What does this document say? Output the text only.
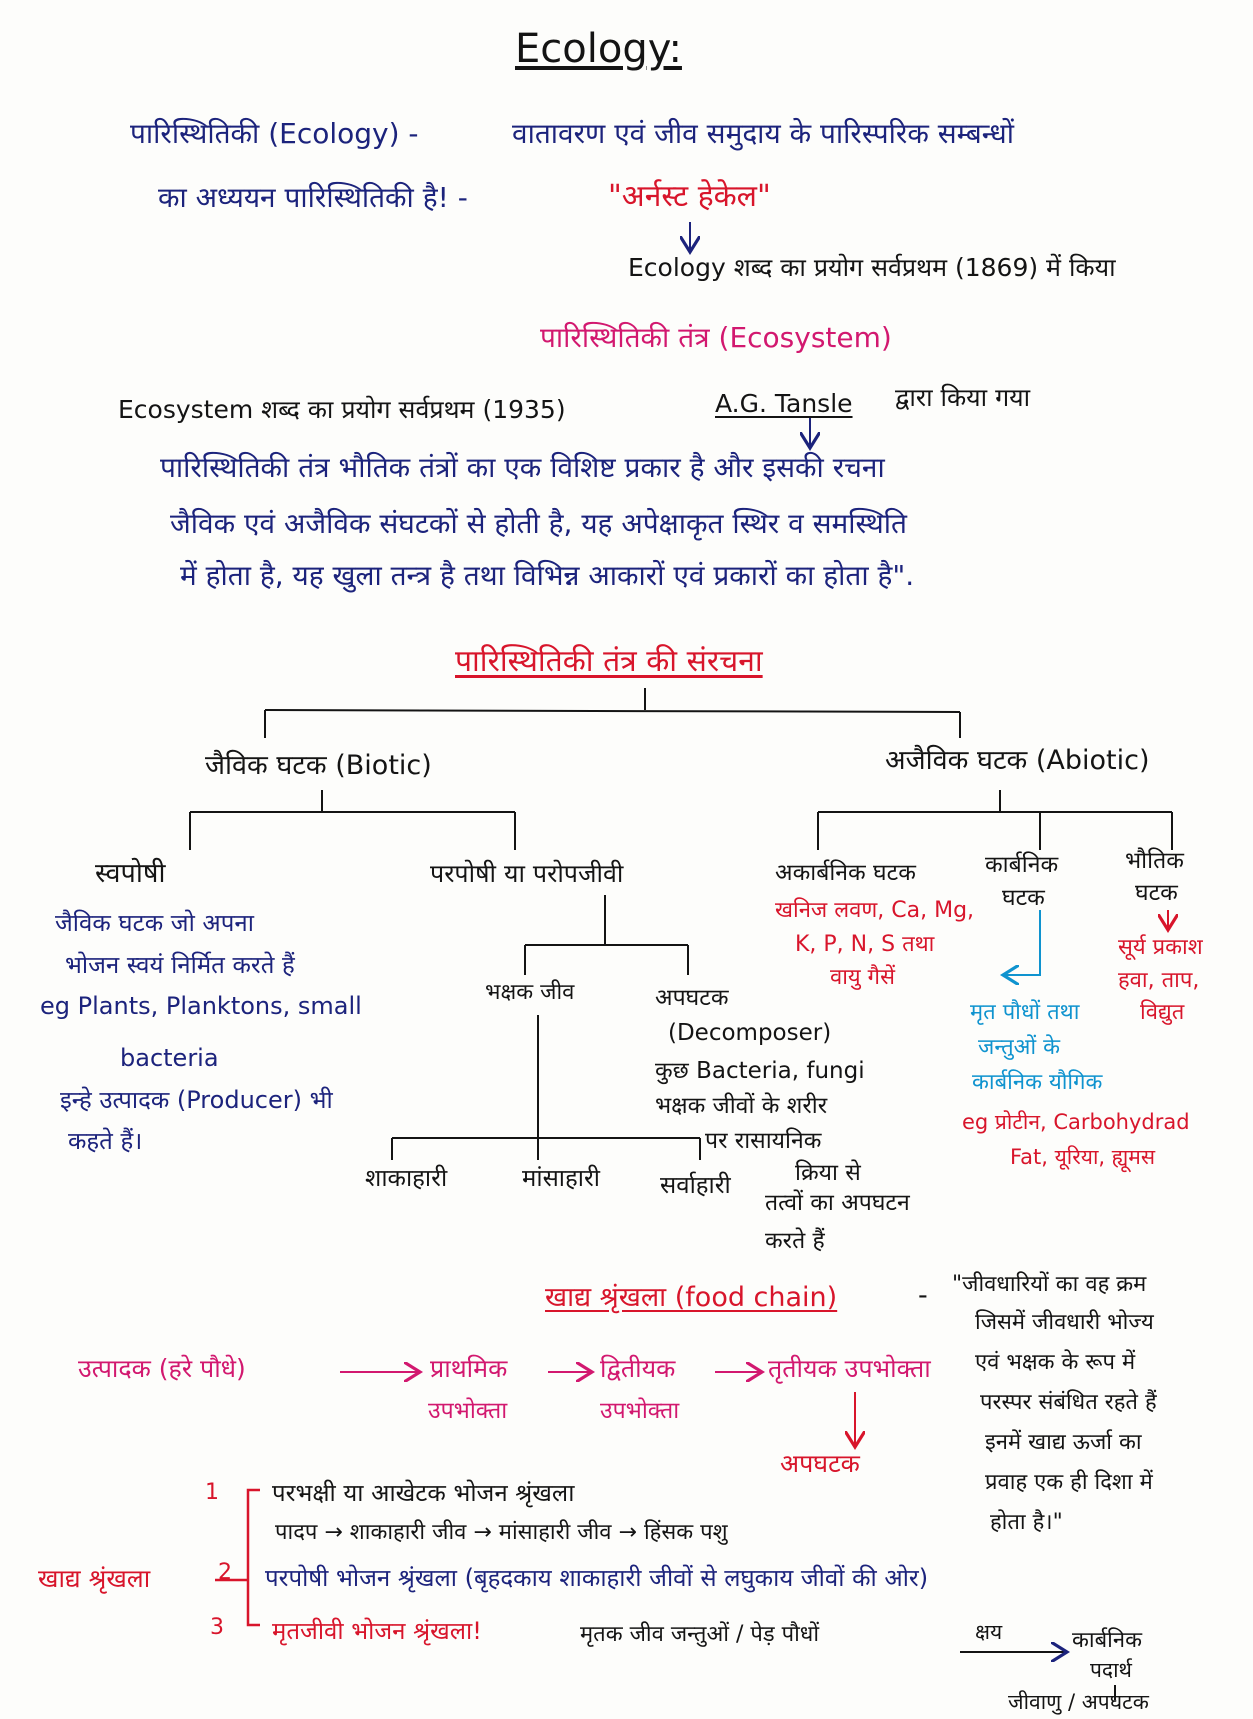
Ecology:
पारिस्थितिकी (Ecology) -	वातावरण एवं जीव समुदाय के पारिस्परिक सम्बन्धों
का अध्ययन पारिस्थितिकी है! -	"अर्नस्ट हेकेल"
Ecology शब्द का प्रयोग सर्वप्रथम (1869) में किया
पारिस्थितिकी तंत्र (Ecosystem)
Ecosystem शब्द का प्रयोग सर्वप्रथम (1935)	A.G. Tansle द्वारा किया गया
पारिस्थितिकी तंत्र भौतिक तंत्रों का एक विशिष्ट प्रकार है और इसकी रचना
जैविक एवं अजैविक संघटकों से होती है, यह अपेक्षाकृत स्थिर व समस्थिति
में होता है, यह खुला तन्त्र है तथा विभिन्न आकारों एवं प्रकारों का होता है".
पारिस्थितिकी तंत्र की संरचना
जैविक घटक (Biotic)	अजैविक घटक (Abiotic)
स्वपोषी
जैविक घटक जो अपना
भोजन स्वयं निर्मित करते हैं
eg Plants, Planktons, small
bacteria
इन्हे उत्पादक (Producer) भी
कहते हैं।
परपोषी या परोपजीवी
भक्षक जीव	अपघटक
(Decomposer)
कुछ Bacteria, fungi
भक्षक जीवों के शरीर
पर रासायनिक
क्रिया से
तत्वों का अपघटन
करते हैं
शाकाहारी	मांसाहारी	सर्वाहारी
अकार्बनिक घटक
खनिज लवण, Ca, Mg,
K, P, N, S तथा
वायु गैसें
कार्बनिक
घटक
मृत पौधों तथा
जन्तुओं के
कार्बनिक यौगिक
eg प्रोटीन, Carbohydrad
Fat, यूरिया, ह्यूमस
भौतिक
घटक
सूर्य प्रकाश
हवा, ताप,
विद्युत
खाद्य श्रृंखला (food chain)	- "जीवधारियों का वह क्रम
जिसमें जीवधारी भोज्य
एवं भक्षक के रूप में
परस्पर संबंधित रहते हैं
इनमें खाद्य ऊर्जा का
प्रवाह एक ही दिशा में
होता है।"
उत्पादक (हरे पौधे)	प्राथमिक
उपभोक्ता
द्वितीयक
उपभोक्ता
तृतीयक उपभोक्ता
अपघटक
1 परभक्षी या आखेटक भोजन श्रृंखला
पादप → शाकाहारी जीव → मांसाहारी जीव → हिंसक पशु
खाद्य श्रृंखला	2 परपोषी भोजन श्रृंखला (बृहदकाय शाकाहारी जीवों से लघुकाय जीवों की ओर)
3 मृतजीवी भोजन श्रृंखला!	मृतक जीव जन्तुओं / पेड़ पौधों	क्षय	कार्बनिक
पदार्थ
जीवाणु / अपघटक
